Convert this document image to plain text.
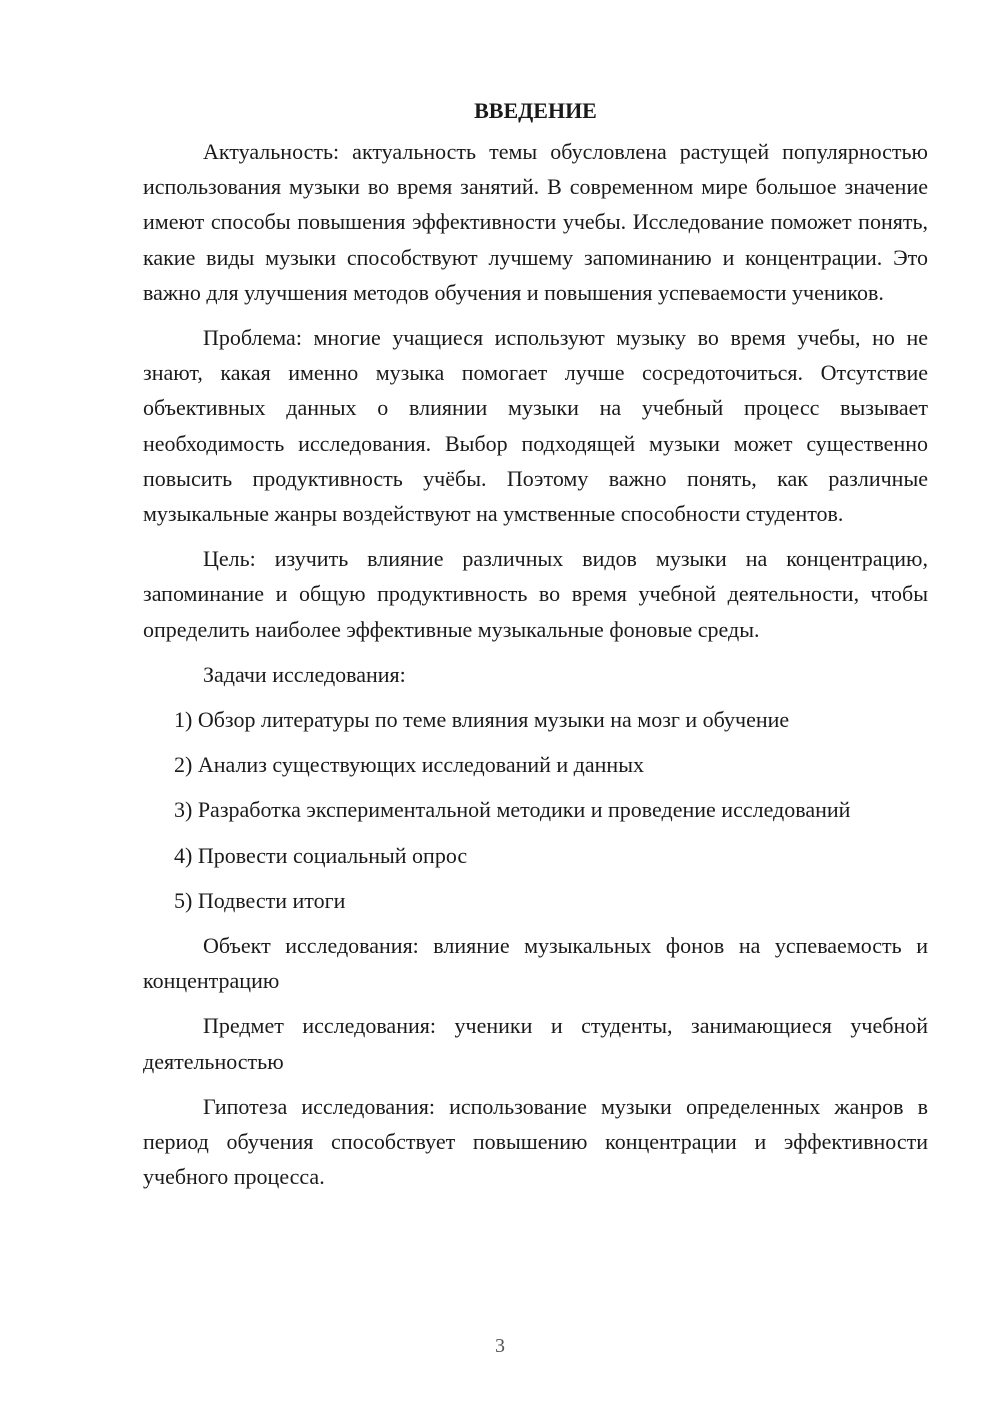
ВВЕДЕНИЕ

Актуальность: актуальность темы обусловлена растущей популярностью использования музыки во время занятий. В современном мире большое значение имеют способы повышения эффективности учебы. Исследование поможет понять, какие виды музыки способствуют лучшему запоминанию и концентрации. Это важно для улучшения методов обучения и повышения успеваемости учеников.

Проблема: многие учащиеся используют музыку во время учебы, но не знают, какая именно музыка помогает лучше сосредоточиться. Отсутствие объективных данных о влиянии музыки на учебный процесс вызывает необходимость исследования. Выбор подходящей музыки может существенно повысить продуктивность учёбы. Поэтому важно понять, как различные музыкальные жанры воздействуют на умственные способности студентов.

Цель: изучить влияние различных видов музыки на концентрацию, запоминание и общую продуктивность во время учебной деятельности, чтобы определить наиболее эффективные музыкальные фоновые среды.

Задачи исследования:

1) Обзор литературы по теме влияния музыки на мозг и обучение

2) Анализ существующих исследований и данных

3) Разработка экспериментальной методики и проведение исследований

4) Провести социальный опрос

5) Подвести итоги

Объект исследования: влияние музыкальных фонов на успеваемость и концентрацию

Предмет исследования: ученики и студенты, занимающиеся учебной деятельностью

Гипотеза исследования: использование музыки определенных жанров в период обучения способствует повышению концентрации и эффективности учебного процесса.

3
